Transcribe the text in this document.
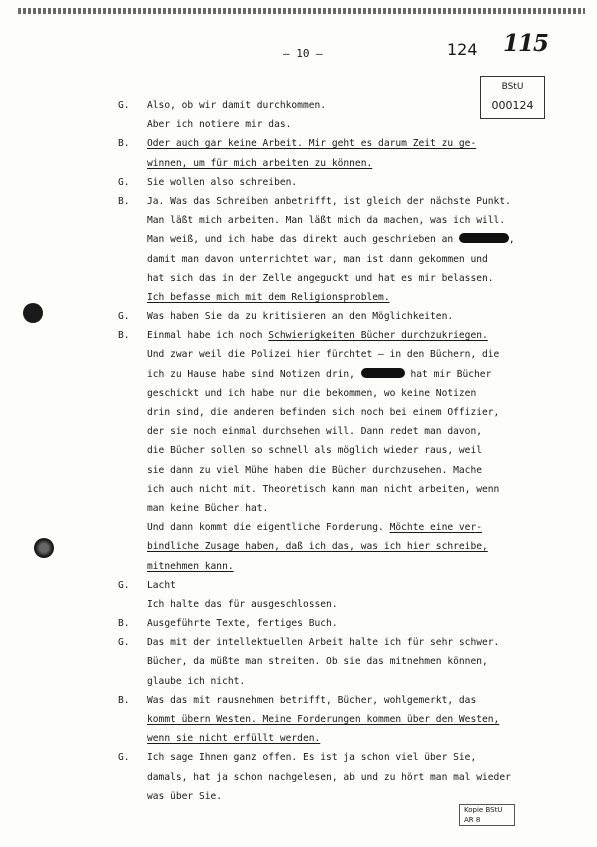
– 10 –	124 115
BStU
000124
G. Also, ob wir damit durchkommen.
Aber ich notiere mir das.
B. Oder auch gar keine Arbeit. Mir geht es darum Zeit zu ge-
winnen, um für mich arbeiten zu können.
G. Sie wollen also schreiben.
B. Ja. Was das Schreiben anbetrifft, ist gleich der nächste Punkt.
Man läßt mich arbeiten. Man läßt mich da machen, was ich will.
Man weiß, und ich habe das direkt auch geschrieben an	,
damit man davon unterrichtet war, man ist dann gekommen und
hat sich das in der Zelle angeguckt und hat es mir belassen.
Ich befasse mich mit dem Religionsproblem.
G. Was haben Sie da zu kritisieren an den Möglichkeiten.
B. Einmal habe ich noch Schwierigkeiten Bücher durchzukriegen.
Und zwar weil die Polizei hier fürchtet – in den Büchern, die
ich zu Hause habe sind Notizen drin,	hat mir Bücher
geschickt und ich habe nur die bekommen, wo keine Notizen
drin sind, die anderen befinden sich noch bei einem Offizier,
der sie noch einmal durchsehen will. Dann redet man davon,
die Bücher sollen so schnell als möglich wieder raus, weil
sie dann zu viel Mühe haben die Bücher durchzusehen. Mache
ich auch nicht mit. Theoretisch kann man nicht arbeiten, wenn
man keine Bücher hat.
Und dann kommt die eigentliche Forderung. Möchte eine ver-
bindliche Zusage haben, daß ich das, was ich hier schreibe,
mitnehmen kann.
G. Lacht
Ich halte das für ausgeschlossen.
B. Ausgeführte Texte, fertiges Buch.
G. Das mit der intellektuellen Arbeit halte ich für sehr schwer.
Bücher, da müßte man streiten. Ob sie das mitnehmen können,
glaube ich nicht.
B. Was das mit rausnehmen betrifft, Bücher, wohlgemerkt, das
kommt übern Westen. Meine Forderungen kommen über den Westen,
wenn sie nicht erfüllt werden.
G. Ich sage Ihnen ganz offen. Es ist ja schon viel über Sie,
damals, hat ja schon nachgelesen, ab und zu hört man mal wieder
was über Sie.
Kopie BStU
AR 8
